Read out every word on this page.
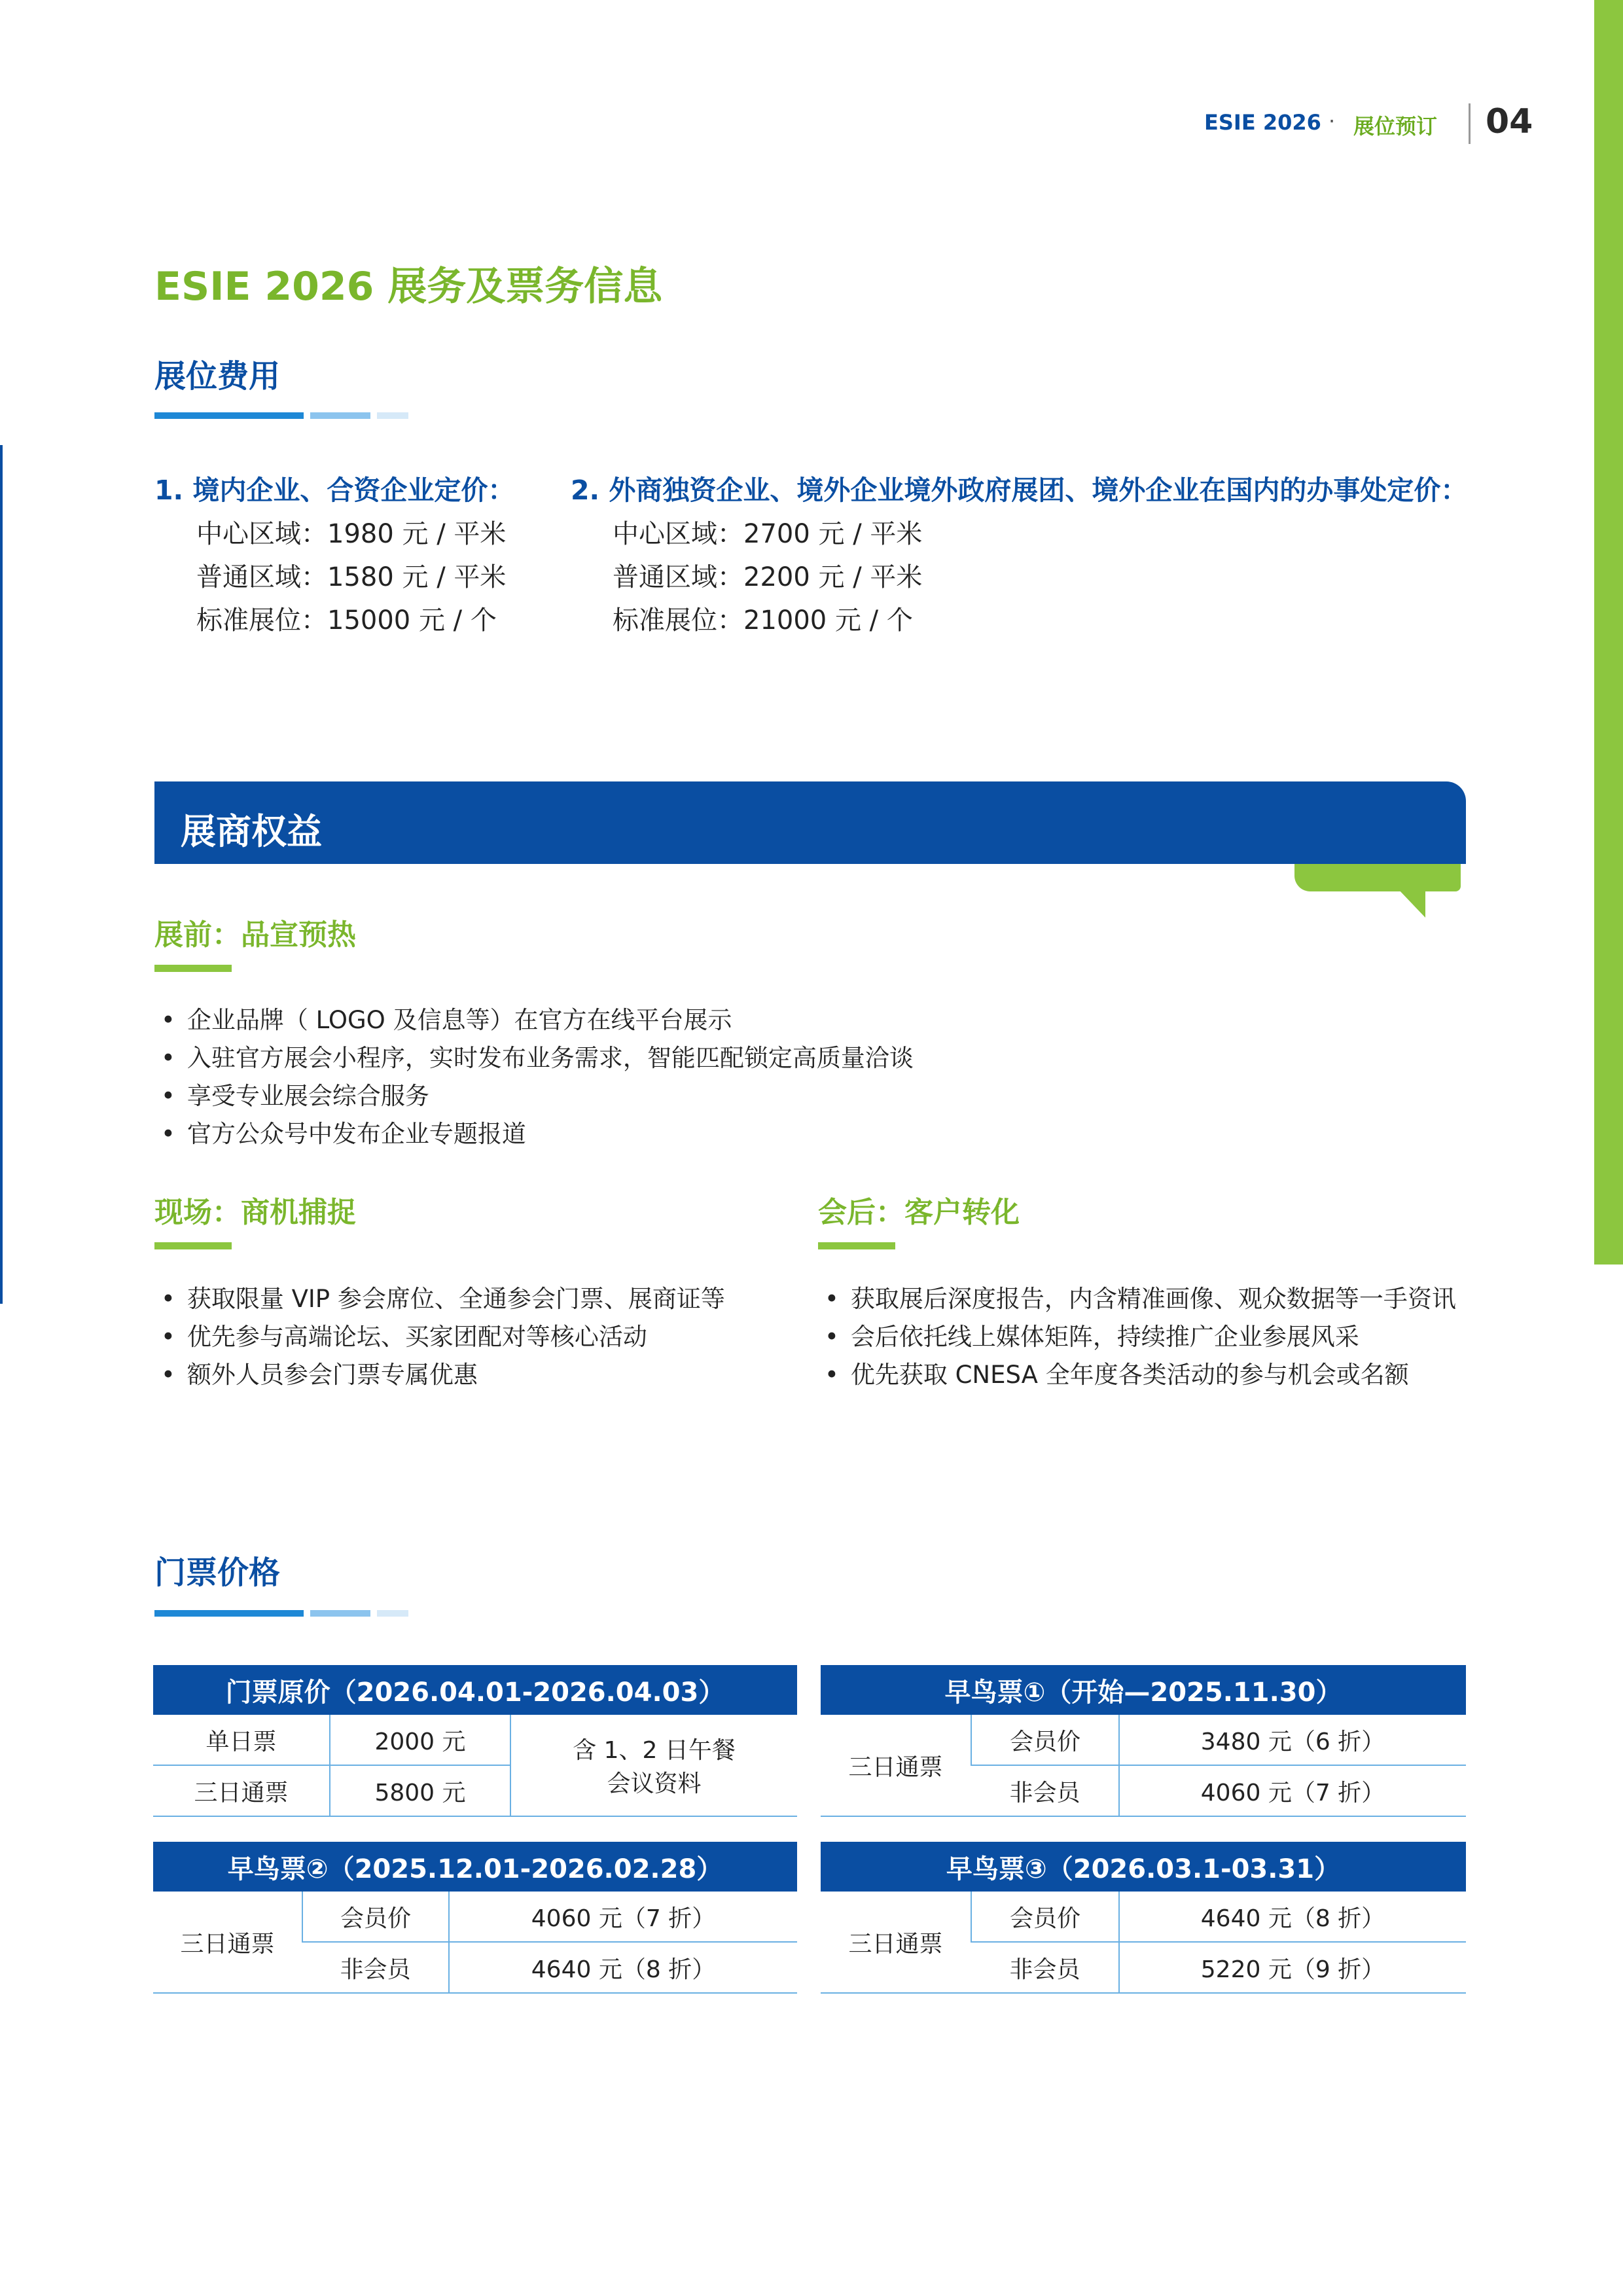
ESIE 2026 · 展位预订 04
ESIE 2026 展务及票务信息
展位费用
1. 境内企业、合资企业定价：
中心区域：1980 元 / 平米
普通区域：1580 元 / 平米
标准展位：15000 元 / 个
2. 外商独资企业、境外企业境外政府展团、境外企业在国内的办事处定价：
中心区域：2700 元 / 平米
普通区域：2200 元 / 平米
标准展位：21000 元 / 个
展商权益
展前：品宣预热
• 企业品牌（ LOGO 及信息等）在官方在线平台展示
• 入驻官方展会小程序，实时发布业务需求，智能匹配锁定高质量洽谈
• 享受专业展会综合服务
• 官方公众号中发布企业专题报道
现场：商机捕捉
• 获取限量 VIP 参会席位、全通参会门票、展商证等
• 优先参与高端论坛、买家团配对等核心活动
• 额外人员参会门票专属优惠
会后：客户转化
• 获取展后深度报告，内含精准画像、观众数据等一手资讯
• 会后依托线上媒体矩阵，持续推广企业参展风采
• 优先获取 CNESA 全年度各类活动的参与机会或名额
门票价格
门票原价（2026.04.01-2026.04.03）		
单日票	2000 元	含 1、2 日午餐
会议资料

三日通票	5800 元	
早鸟票①（开始—2025.11.30）		
三日通票	会员价	3480 元（6 折）
	非会员	4060 元（7 折）
早鸟票②（2025.12.01-2026.02.28）		
三日通票	会员价	4060 元（7 折）
	非会员	4640 元（8 折）
早鸟票③（2026.03.1-03.31）		
三日通票	会员价	4640 元（8 折）
	非会员	5220 元（9 折）
